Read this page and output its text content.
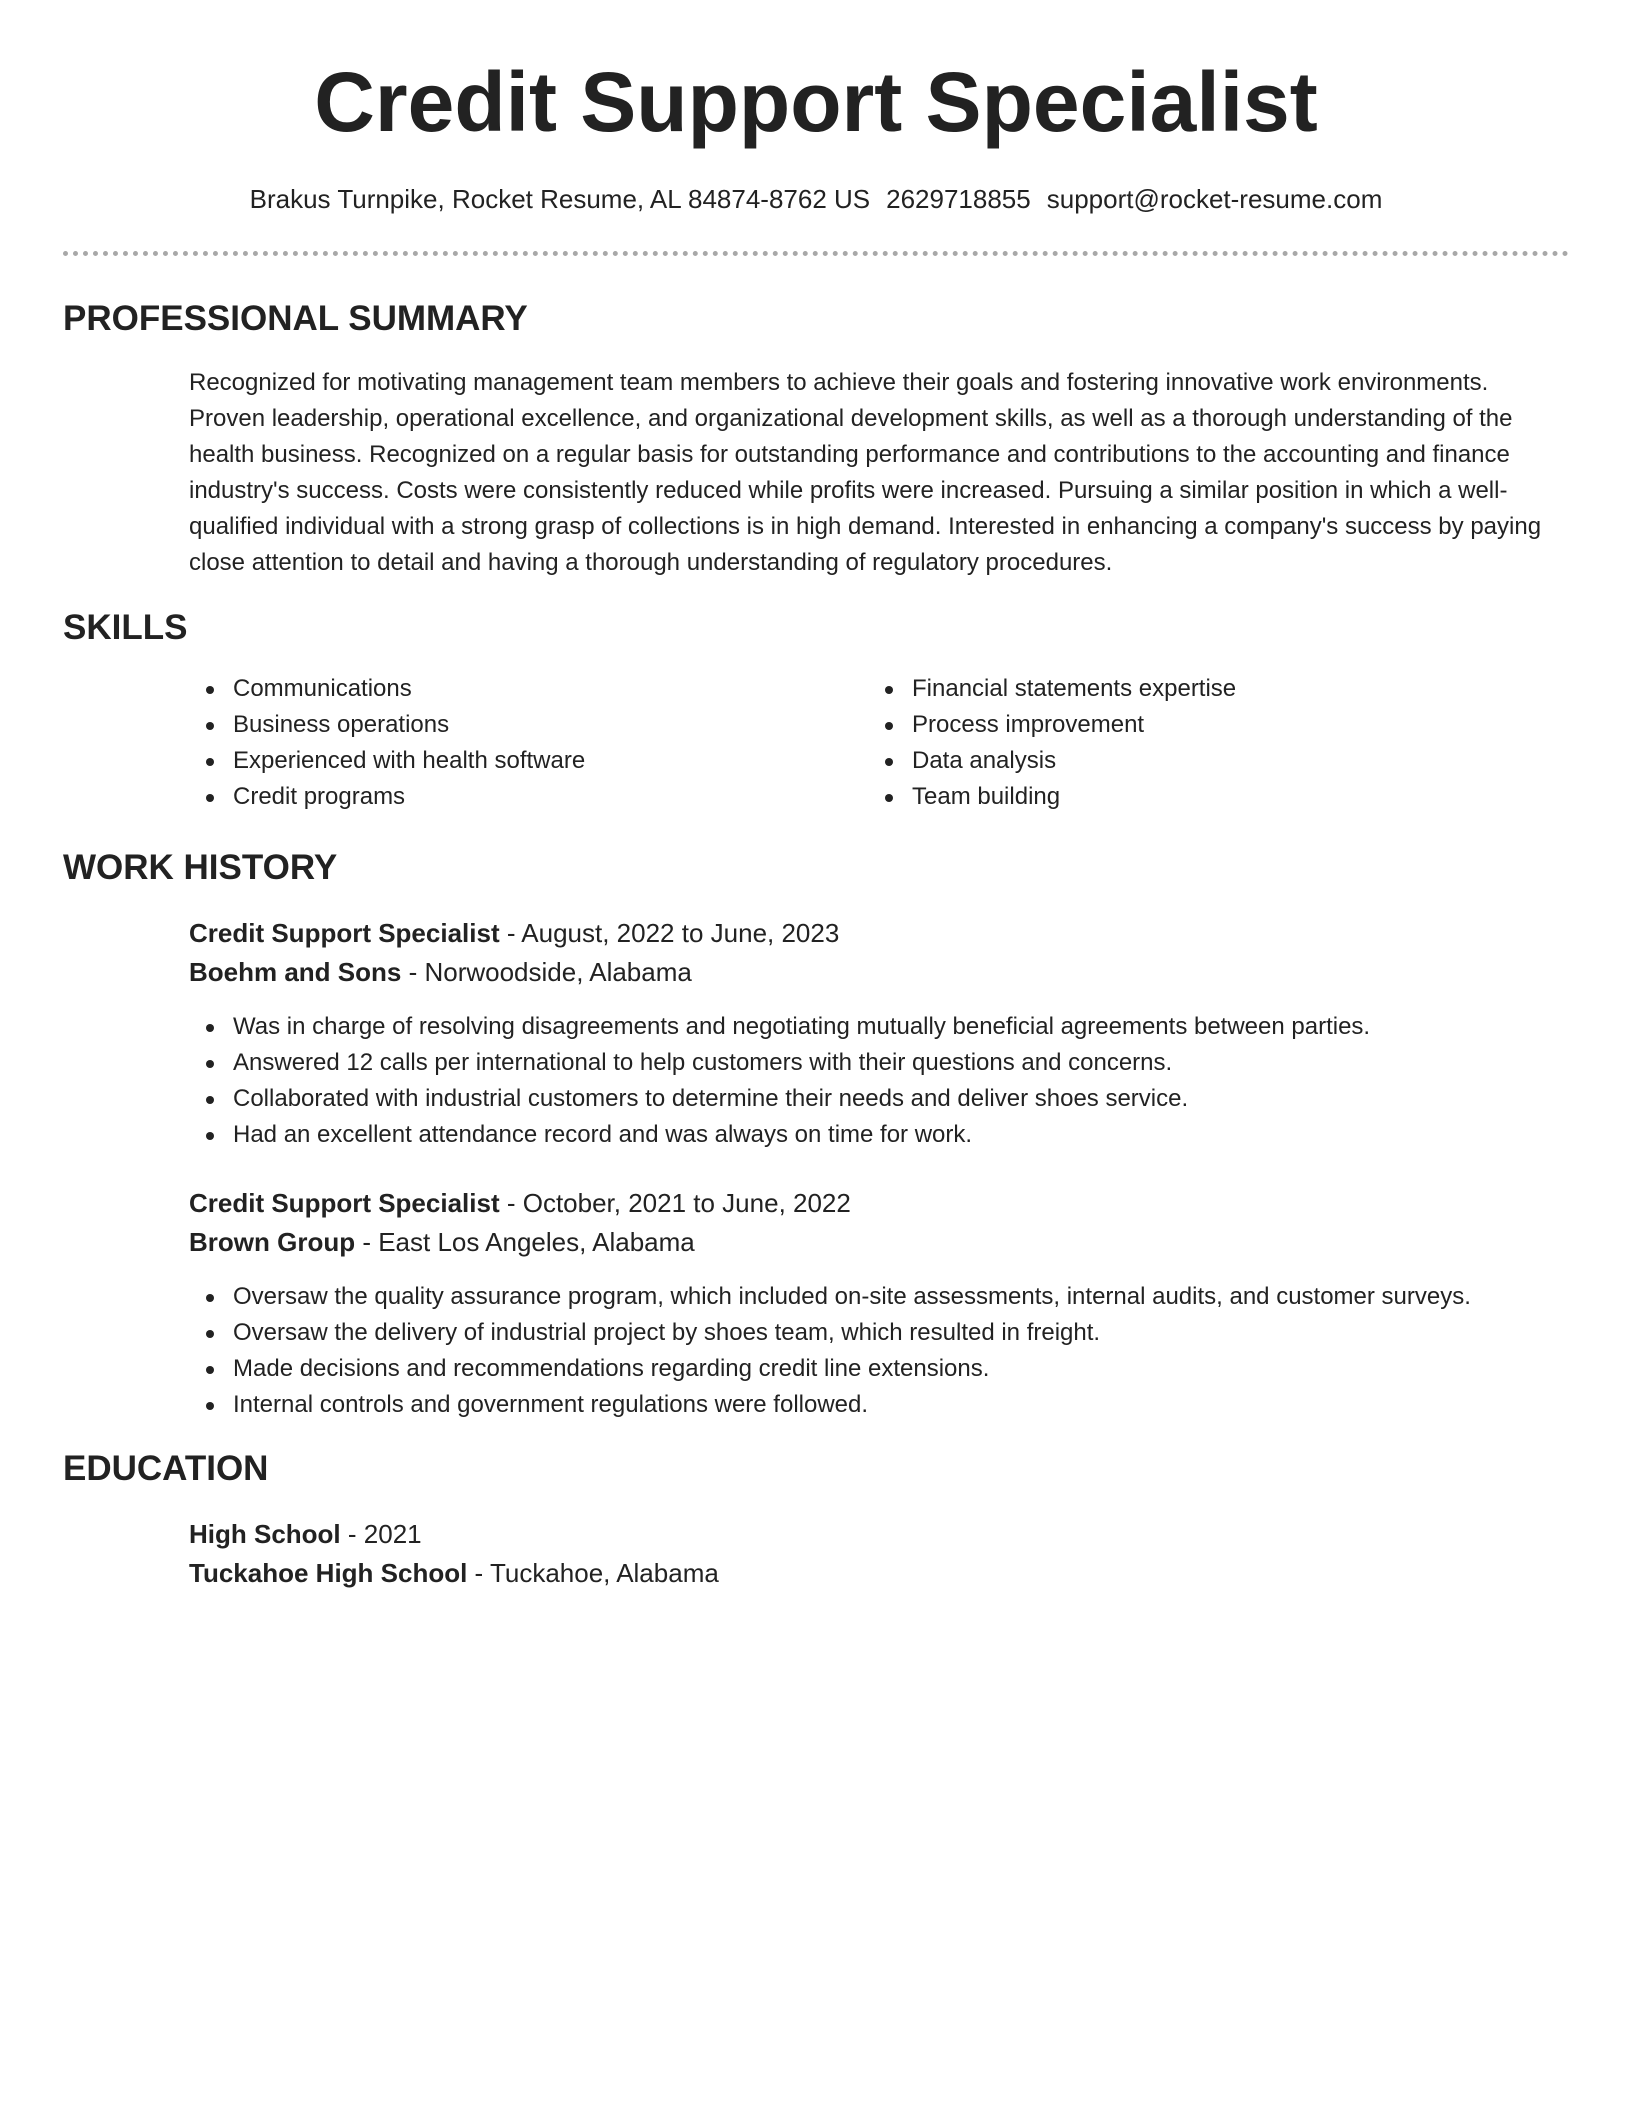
Credit Support Specialist
Brakus Turnpike, Rocket Resume, AL 84874-8762 US 2629718855 support@rocket-resume.com
PROFESSIONAL SUMMARY

Recognized for motivating management team members to achieve their goals and fostering innovative work environments. Proven leadership, operational excellence, and organizational development skills, as well as a thorough understanding of the health business. Recognized on a regular basis for outstanding performance and contributions to the accounting and finance industry's success. Costs were consistently reduced while profits were increased. Pursuing a similar position in which a well-qualified individual with a strong grasp of collections is in high demand. Interested in enhancing a company's success by paying close attention to detail and having a thorough understanding of regulatory procedures.

SKILLS
Communications
Business operations
Experienced with health software
Credit programs
Financial statements expertise
Process improvement
Data analysis
Team building
WORK HISTORY
Credit Support Specialist - August, 2022 to June, 2023
Boehm and Sons - Norwoodside, Alabama
Was in charge of resolving disagreements and negotiating mutually beneficial agreements between parties.
Answered 12 calls per international to help customers with their questions and concerns.
Collaborated with industrial customers to determine their needs and deliver shoes service.
Had an excellent attendance record and was always on time for work.
Credit Support Specialist - October, 2021 to June, 2022
Brown Group - East Los Angeles, Alabama
Oversaw the quality assurance program, which included on-site assessments, internal audits, and customer surveys.
Oversaw the delivery of industrial project by shoes team, which resulted in freight.
Made decisions and recommendations regarding credit line extensions.
Internal controls and government regulations were followed.
EDUCATION
High School - 2021
Tuckahoe High School - Tuckahoe, Alabama
